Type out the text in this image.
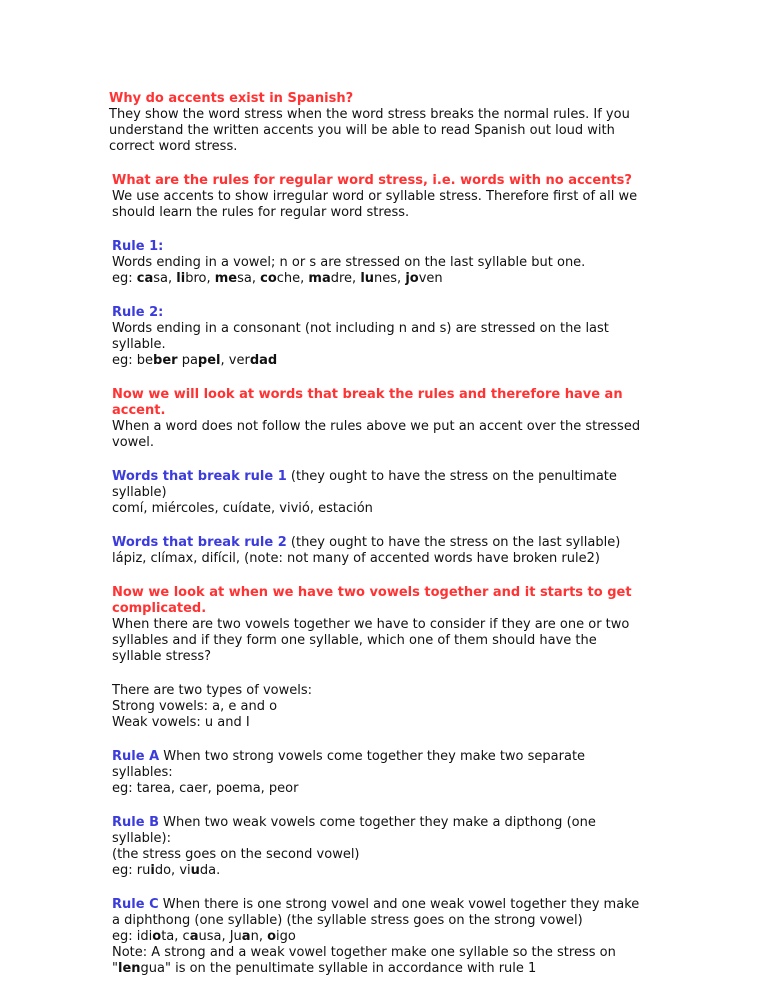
Why do accents exist in Spanish?
They show the word stress when the word stress breaks the normal rules. If you understand the written accents you will be able to read Spanish out loud with correct word stress.
What are the rules for regular word stress, i.e. words with no accents?
We use accents to show irregular word or syllable stress. Therefore first of all we should learn the rules for regular word stress.
Rule 1:
Words ending in a vowel; n or s are stressed on the last syllable but one.
eg: casa, libro, mesa, coche, madre, lunes, joven
Rule 2:
Words ending in a consonant (not including n and s) are stressed on the last syllable.
eg: beber papel, verdad
Now we will look at words that break the rules and therefore have an
accent.
When a word does not follow the rules above we put an accent over the stressed vowel.
Words that break rule 1 (they ought to have the stress on the penultimate syllable)
comí, miércoles, cuídate, vivió, estación
Words that break rule 2 (they ought to have the stress on the last syllable)
lápiz, clímax, difícil, (note: not many of accented words have broken rule2)
Now we look at when we have two vowels together and it starts to get
complicated.
When there are two vowels together we have to consider if they are one or two syllables and if they form one syllable, which one of them should have the syllable stress?
There are two types of vowels:
Strong vowels: a, e and o
Weak vowels: u and I
Rule A When two strong vowels come together they make two separate syllables:
eg: tarea, caer, poema, peor
Rule B When two weak vowels come together they make a dipthong (one syllable):
(the stress goes on the second vowel)
eg: ruido, viuda.
Rule C When there is one strong vowel and one weak vowel together they make a diphthong (one syllable) (the syllable stress goes on the strong vowel)
eg: idiota, causa, Juan, oigo
Note: A strong and a weak vowel together make one syllable so the stress on
"lengua" is on the penultimate syllable in accordance with rule 1
